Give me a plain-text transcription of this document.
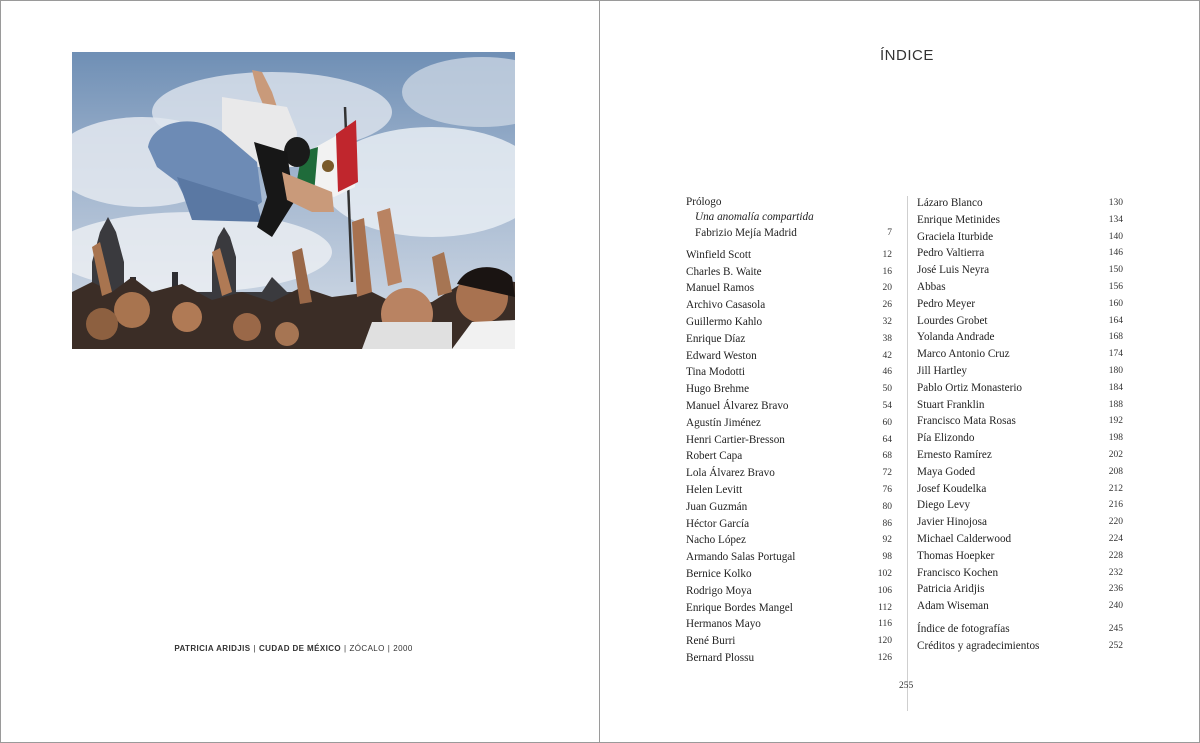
PATRICIA ARIDJIS | CUDAD DE MÉXICO | ZÓCALO | 2000
ÍNDICE
Prólogo
Una anomalía compartida
Fabrizio Mejía Madrid	7
Winfield Scott	12
Charles B. Waite	16
Manuel Ramos	20
Archivo Casasola	26
Guillermo Kahlo	32
Enrique Díaz	38
Edward Weston	42
Tina Modotti	46
Hugo Brehme	50
Manuel Álvarez Bravo	54
Agustín Jiménez	60
Henri Cartier-Bresson	64
Robert Capa	68
Lola Álvarez Bravo	72
Helen Levitt	76
Juan Guzmán	80
Héctor García	86
Nacho López	92
Armando Salas Portugal	98
Bernice Kolko	102
Rodrigo Moya	106
Enrique Bordes Mangel	112
Hermanos Mayo	116
René Burri	120
Bernard Plossu	126
Lázaro Blanco	130
Enrique Metinides	134
Graciela Iturbide	140
Pedro Valtierra	146
José Luis Neyra	150
Abbas	156
Pedro Meyer	160
Lourdes Grobet	164
Yolanda Andrade	168
Marco Antonio Cruz	174
Jill Hartley	180
Pablo Ortiz Monasterio	184
Stuart Franklin	188
Francisco Mata Rosas	192
Pía Elizondo	198
Ernesto Ramírez	202
Maya Goded	208
Josef Koudelka	212
Diego Levy	216
Javier Hinojosa	220
Michael Calderwood	224
Thomas Hoepker	228
Francisco Kochen	232
Patricia Aridjis	236
Adam Wiseman	240
Índice de fotografías	245
Créditos y agradecimientos	252
255
